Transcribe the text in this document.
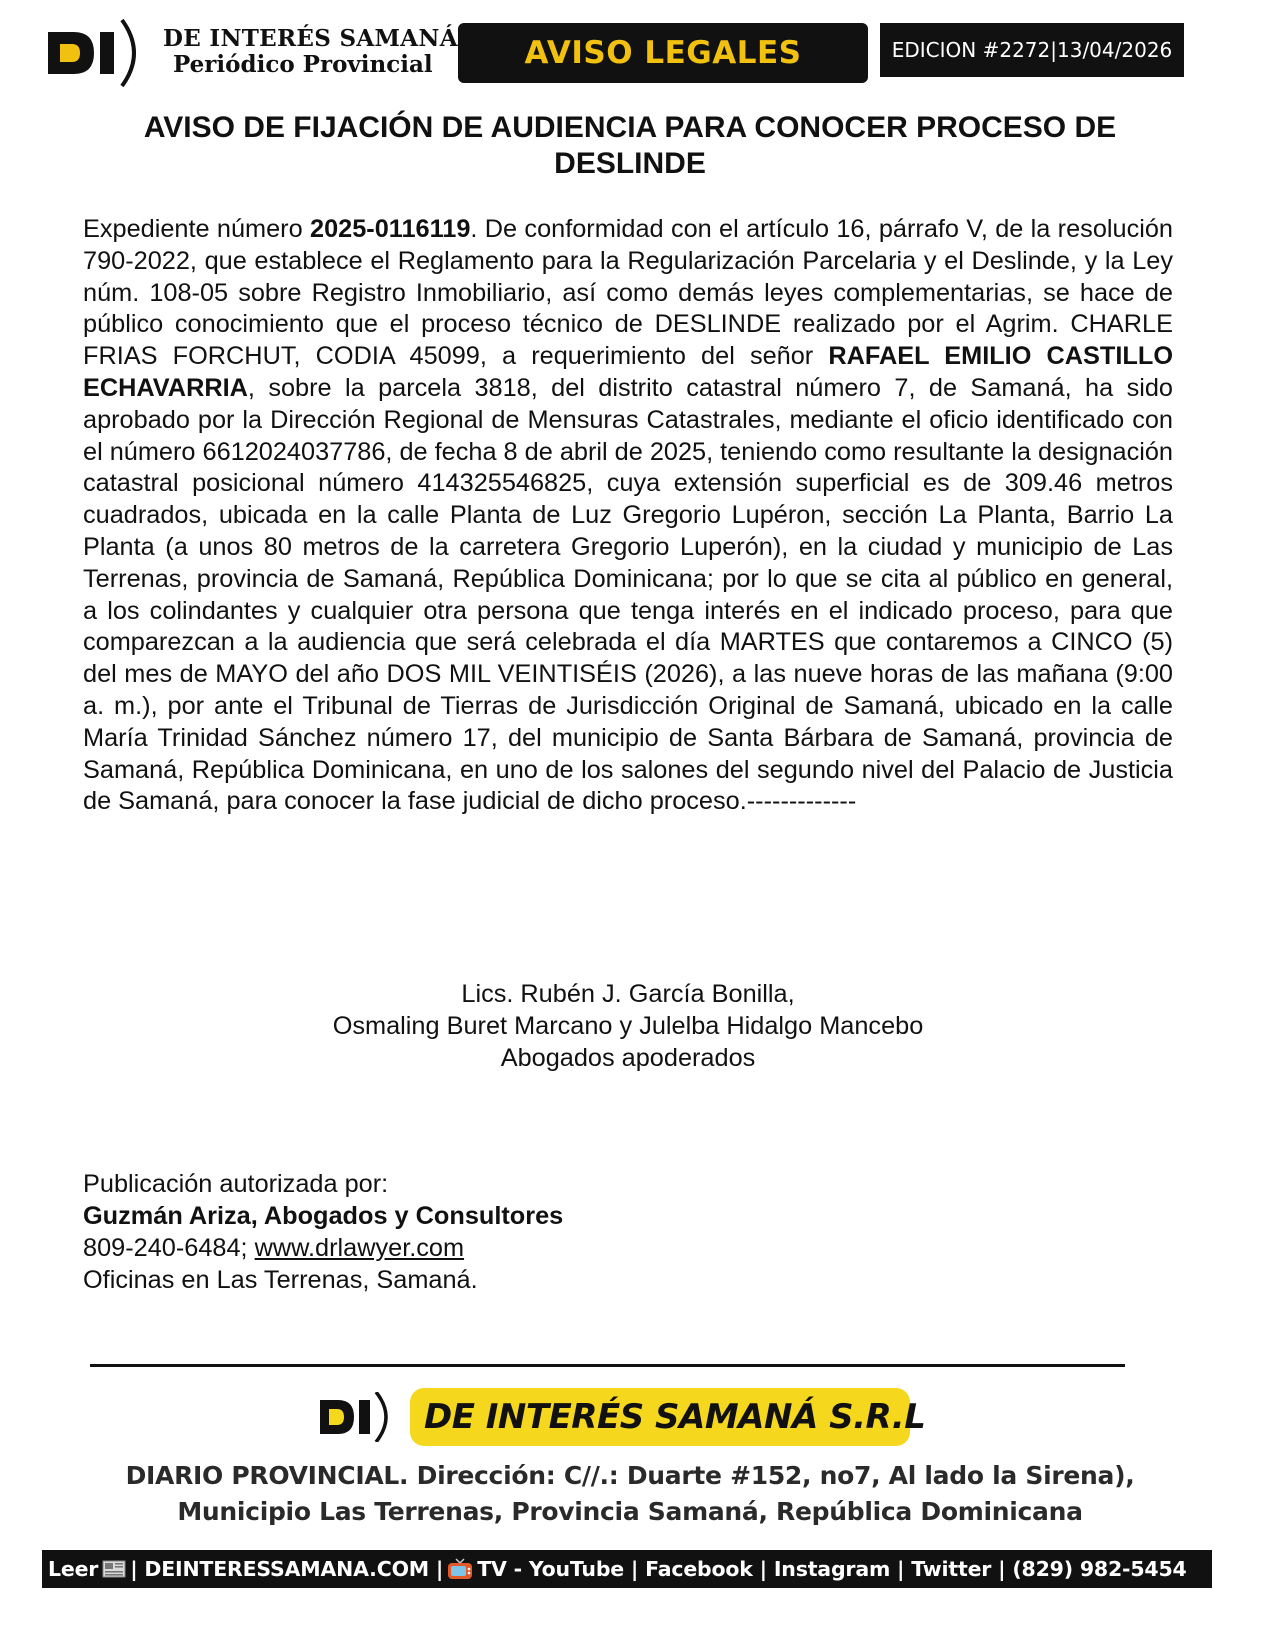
DE INTERÉS SAMANÁ
Periódico Provincial	AVISO LEGALES	EDICION #2272|13/04/2026
AVISO DE FIJACIÓN DE AUDIENCIA PARA CONOCER PROCESO DE DESLINDE
Expediente número 2025-0116119. De conformidad con el artículo 16, párrafo V, de la resolución 790-2022, que establece el Reglamento para la Regularización Parcelaria y el Deslinde, y la Ley núm. 108-05 sobre Registro Inmobiliario, así como demás leyes complementarias, se hace de público conocimiento que el proceso técnico de DESLINDE realizado por el Agrim. CHARLE FRIAS FORCHUT, CODIA 45099, a requerimiento del señor RAFAEL EMILIO CASTILLO ECHAVARRIA, sobre la parcela 3818, del distrito catastral número 7, de Samaná, ha sido aprobado por la Dirección Regional de Mensuras Catastrales, mediante el oficio identificado con el número 6612024037786, de fecha 8 de abril de 2025, teniendo como resultante la designación catastral posicional número 414325546825, cuya extensión superficial es de 309.46 metros cuadrados, ubicada en la calle Planta de Luz Gregorio Lupéron, sección La Planta, Barrio La Planta (a unos 80 metros de la carretera Gregorio Luperón), en la ciudad y municipio de Las Terrenas, provincia de Samaná, República Dominicana; por lo que se cita al público en general, a los colindantes y cualquier otra persona que tenga interés en el indicado proceso, para que comparezcan a la audiencia que será celebrada el día MARTES que contaremos a CINCO (5) del mes de MAYO del año DOS MIL VEINTISÉIS (2026), a las nueve horas de las mañana (9:00 a. m.), por ante el Tribunal de Tierras de Jurisdicción Original de Samaná, ubicado en la calle María Trinidad Sánchez número 17, del municipio de Santa Bárbara de Samaná, provincia de Samaná, República Dominicana, en uno de los salones del segundo nivel del Palacio de Justicia de Samaná, para conocer la fase judicial de dicho proceso.-------------
Lics. Rubén J. García Bonilla,
Osmaling Buret Marcano y Julelba Hidalgo Mancebo
Abogados apoderados
Publicación autorizada por:
Guzmán Ariza, Abogados y Consultores
809-240-6484; www.drlawyer.com
Oficinas en Las Terrenas, Samaná.
DE INTERÉS SAMANÁ S.R.L
DIARIO PROVINCIAL. Dirección: C//.: Duarte #152, no7, Al lado la Sirena),
Municipio Las Terrenas, Provincia Samaná, República Dominicana
Leer | DEINTERESSAMANA.COM | TV - YouTube | Facebook | Instagram | Twitter | (829) 982-5454
